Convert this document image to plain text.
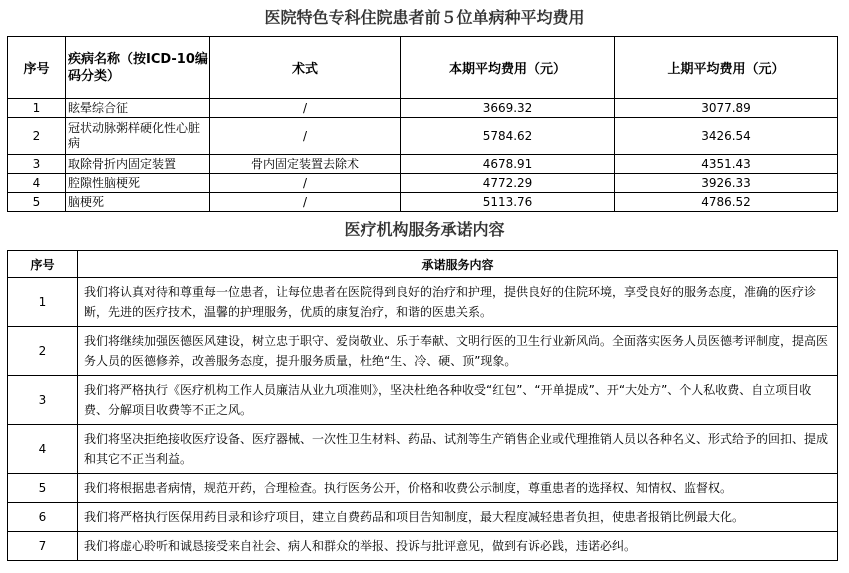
医院特色专科住院患者前５位单病种平均费用
序号	疾病名称（按ICD-10编码分类）	术式	本期平均费用（元）	上期平均费用（元）
1	眩晕综合征	/	3669.32	3077.89
2	冠状动脉粥样硬化性心脏病	/	5784.62	3426.54
3	取除骨折内固定装置	骨内固定装置去除术	4678.91	4351.43
4	腔隙性脑梗死	/	4772.29	3926.33
5	脑梗死	/	5113.76	4786.52
医疗机构服务承诺内容
序号	承诺服务内容
1	我们将认真对待和尊重每一位患者，让每位患者在医院得到良好的治疗和护理，提供良好的住院环境，享受良好的服务态度，准确的医疗诊断，先进的医疗技术，温馨的护理服务，优质的康复治疗，和谐的医患关系。
2	我们将继续加强医德医风建设，树立忠于职守、爱岗敬业、乐于奉献、文明行医的卫生行业新风尚。全面落实医务人员医德考评制度，提高医务人员的医德修养，改善服务态度，提升服务质量，杜绝“生、冷、硬、顶”现象。
3	我们将严格执行《医疗机构工作人员廉洁从业九项准则》，坚决杜绝各种收受“红包”、“开单提成”、开“大处方”、个人私收费、自立项目收费、分解项目收费等不正之风。
4	我们将坚决拒绝接收医疗设备、医疗器械、一次性卫生材料、药品、试剂等生产销售企业或代理推销人员以各种名义、形式给予的回扣、提成和其它不正当利益。
5	我们将根据患者病情，规范开药，合理检查。执行医务公开，价格和收费公示制度，尊重患者的选择权、知情权、监督权。
6	我们将严格执行医保用药目录和诊疗项目，建立自费药品和项目告知制度，最大程度减轻患者负担，使患者报销比例最大化。
7	我们将虚心聆听和诚恳接受来自社会、病人和群众的举报、投诉与批评意见，做到有诉必践，违诺必纠。
